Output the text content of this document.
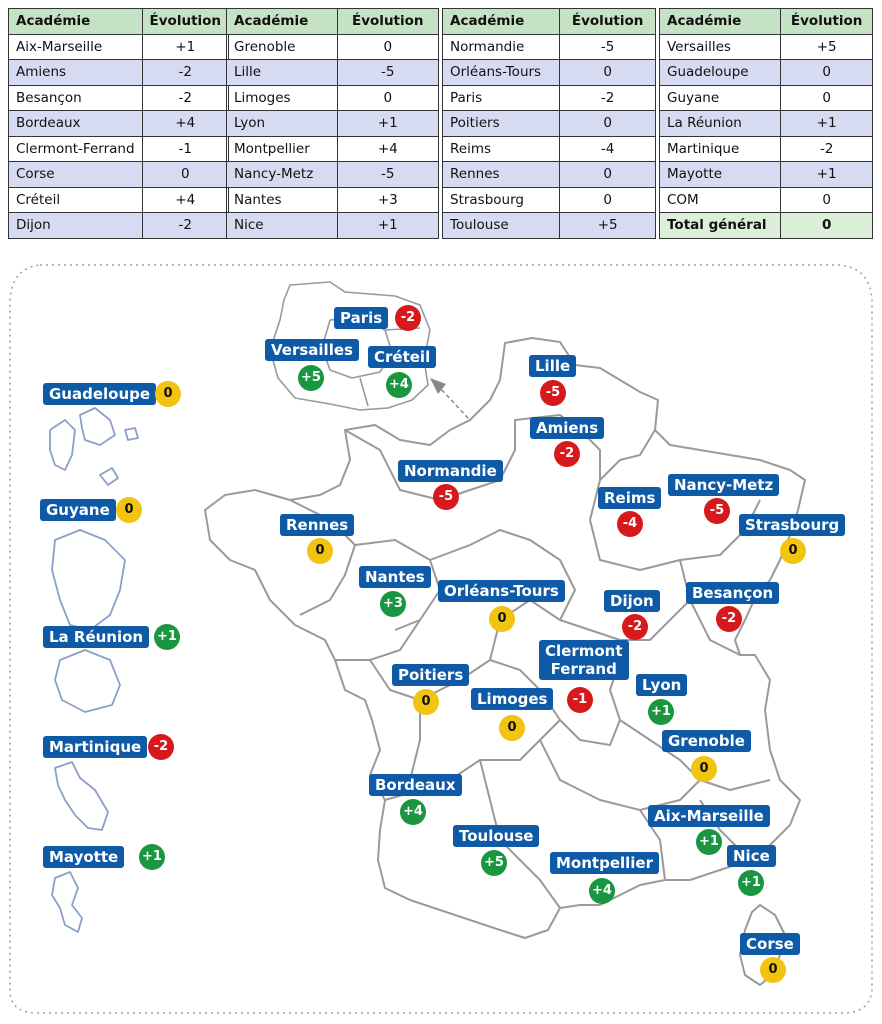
Académie	Évolution
Aix-Marseille	+1
Amiens	-2
Besançon	-2
Bordeaux	+4
Clermont-Ferrand	-1
Corse	0
Créteil	+4
Dijon	-2
Académie	Évolution
Grenoble	0
Lille	-5
Limoges	0
Lyon	+1
Montpellier	+4
Nancy-Metz	-5
Nantes	+3
Nice	+1
Académie	Évolution
Normandie	-5
Orléans-Tours	0
Paris	-2
Poitiers	0
Reims	-4
Rennes	0
Strasbourg	0
Toulouse	+5
Académie	Évolution
Versailles	+5
Guadeloupe	0
Guyane	0
La Réunion	+1
Martinique	-2
Mayotte	+1
COM	0
Total général	0
Paris	-2
Versailles
+5
Créteil
+4
Lille
-5
Amiens
-2
Normandie
-5	Reims
-4
Nancy-Metz
-5
Strasbourg
0
Rennes
0
Nantes
+3
Orléans-Tours
0
Dijon
-2
Besançon
-2
Clermont
Ferrand
-1
Poitiers
0	Limoges
0
Lyon
+1
Grenoble
0
Bordeaux
+4
Toulouse
+5	Montpellier
+4
Aix-Marseille
+1
Nice
+1
Corse
0
Guadeloupe	0
Guyane	0
La Réunion	+1
Martinique -2
Mayotte	+1
